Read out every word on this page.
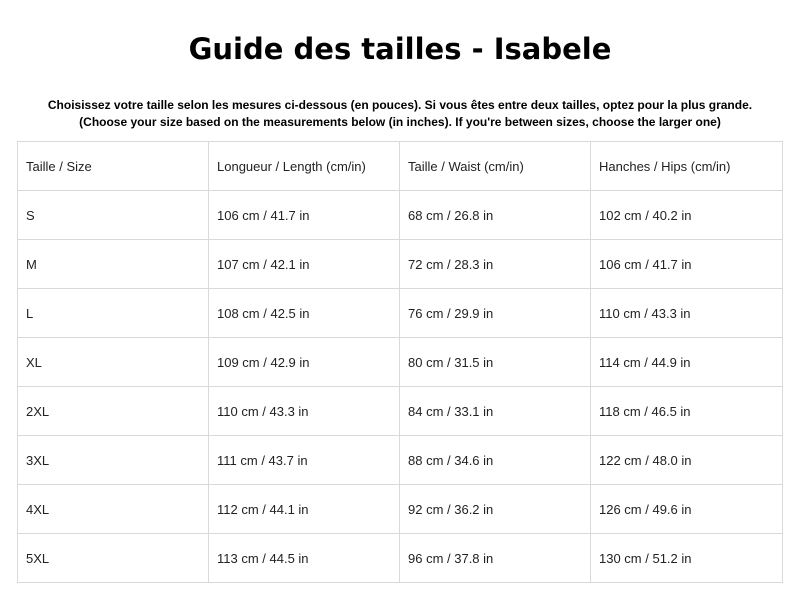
Guide des tailles - Isabele
Choisissez votre taille selon les mesures ci-dessous (en pouces). Si vous êtes entre deux tailles, optez pour la plus grande.
(Choose your size based on the measurements below (in inches). If you're between sizes, choose the larger one)
Taille / Size	Longueur / Length (cm/in)	Taille / Waist (cm/in)	Hanches / Hips (cm/in)
S	106 cm / 41.7 in	68 cm / 26.8 in	102 cm / 40.2 in
M	107 cm / 42.1 in	72 cm / 28.3 in	106 cm / 41.7 in
L	108 cm / 42.5 in	76 cm / 29.9 in	110 cm / 43.3 in
XL	109 cm / 42.9 in	80 cm / 31.5 in	114 cm / 44.9 in
2XL	110 cm / 43.3 in	84 cm / 33.1 in	118 cm / 46.5 in
3XL	111 cm / 43.7 in	88 cm / 34.6 in	122 cm / 48.0 in
4XL	112 cm / 44.1 in	92 cm / 36.2 in	126 cm / 49.6 in
5XL	113 cm / 44.5 in	96 cm / 37.8 in	130 cm / 51.2 in
